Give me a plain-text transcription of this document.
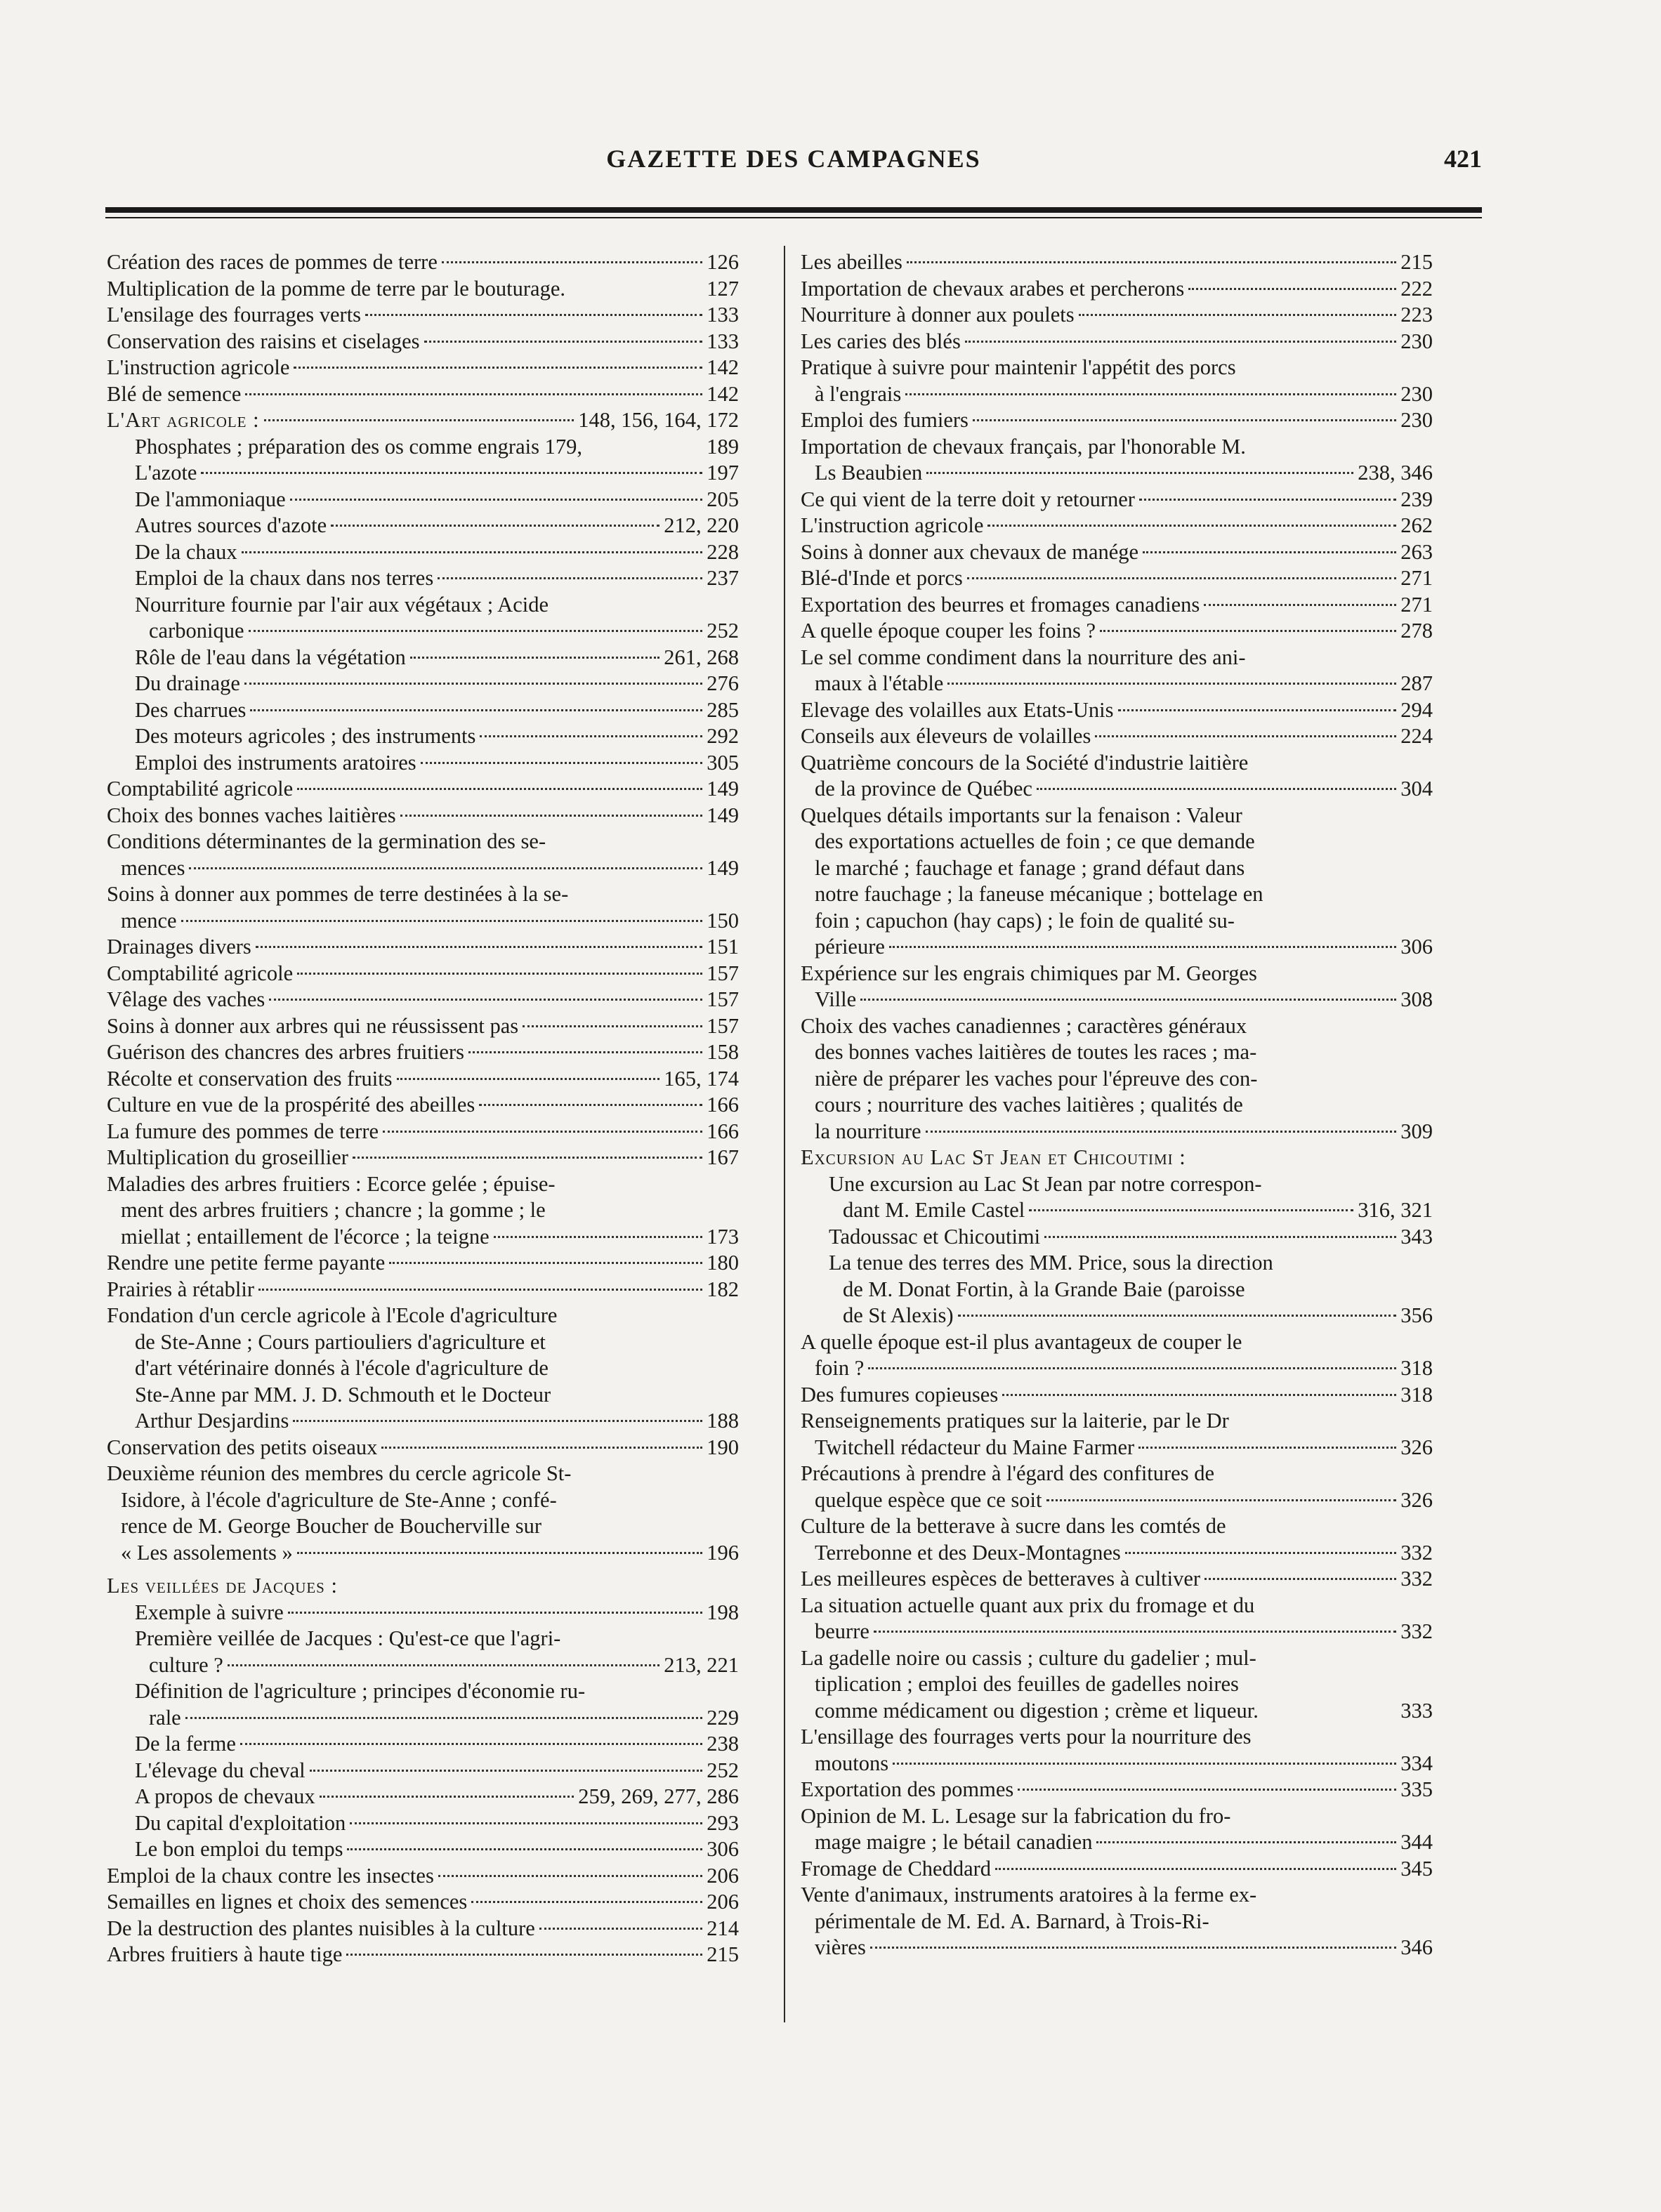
GAZETTE DES CAMPAGNES	421
Création des races de pommes de terre	126
Multiplication de la pomme de terre par le bouturage.	127
L'ensilage des fourrages verts	133
Conservation des raisins et ciselages	133
L'instruction agricole	142
Blé de semence	142
L'Art agricole :	148, 156, 164, 172
Phosphates ; préparation des os comme engrais 179,	189
L'azote	197
De l'ammoniaque	205
Autres sources d'azote	212, 220
De la chaux	228
Emploi de la chaux dans nos terres	237
Nourriture fournie par l'air aux végétaux ; Acide
carbonique	252
Rôle de l'eau dans la végétation	261, 268
Du drainage	276
Des charrues	285
Des moteurs agricoles ; des instruments	292
Emploi des instruments aratoires	305
Comptabilité agricole	149
Choix des bonnes vaches laitières	149
Conditions déterminantes de la germination des se-
mences	149
Soins à donner aux pommes de terre destinées à la se-
mence	150
Drainages divers	151
Comptabilité agricole	157
Vêlage des vaches	157
Soins à donner aux arbres qui ne réussissent pas	157
Guérison des chancres des arbres fruitiers	158
Récolte et conservation des fruits	165, 174
Culture en vue de la prospérité des abeilles	166
La fumure des pommes de terre	166
Multiplication du groseillier	167
Maladies des arbres fruitiers : Ecorce gelée ; épuise-
ment des arbres fruitiers ; chancre ; la gomme ; le
miellat ; entaillement de l'écorce ; la teigne	173
Rendre une petite ferme payante	180
Prairies à rétablir	182
Fondation d'un cercle agricole à l'Ecole d'agriculture
de Ste-Anne ; Cours partiouliers d'agriculture et
d'art vétérinaire donnés à l'école d'agriculture de
Ste-Anne par MM. J. D. Schmouth et le Docteur
Arthur Desjardins	188
Conservation des petits oiseaux	190
Deuxième réunion des membres du cercle agricole St-
Isidore, à l'école d'agriculture de Ste-Anne ; confé-
rence de M. George Boucher de Boucherville sur
« Les assolements »	196
Les veillées de Jacques :
Exemple à suivre	198
Première veillée de Jacques : Qu'est-ce que l'agri-
culture ?	213, 221
Définition de l'agriculture ; principes d'économie ru-
rale	229
De la ferme	238
L'élevage du cheval	252
A propos de chevaux	259, 269, 277, 286
Du capital d'exploitation	293
Le bon emploi du temps	306
Emploi de la chaux contre les insectes	206
Semailles en lignes et choix des semences	206
De la destruction des plantes nuisibles à la culture	214
Arbres fruitiers à haute tige	215
Les abeilles	215
Importation de chevaux arabes et percherons	222
Nourriture à donner aux poulets	223
Les caries des blés	230
Pratique à suivre pour maintenir l'appétit des porcs
à l'engrais	230
Emploi des fumiers	230
Importation de chevaux français, par l'honorable M.
Ls Beaubien	238, 346
Ce qui vient de la terre doit y retourner	239
L'instruction agricole	262
Soins à donner aux chevaux de manége	263
Blé-d'Inde et porcs	271
Exportation des beurres et fromages canadiens	271
A quelle époque couper les foins ?	278
Le sel comme condiment dans la nourriture des ani-
maux à l'étable	287
Elevage des volailles aux Etats-Unis	294
Conseils aux éleveurs de volailles	224
Quatrième concours de la Société d'industrie laitière
de la province de Québec	304
Quelques détails importants sur la fenaison : Valeur
des exportations actuelles de foin ; ce que demande
le marché ; fauchage et fanage ; grand défaut dans
notre fauchage ; la faneuse mécanique ; bottelage en
foin ; capuchon (hay caps) ; le foin de qualité su-
périeure	306
Expérience sur les engrais chimiques par M. Georges
Ville	308
Choix des vaches canadiennes ; caractères généraux
des bonnes vaches laitières de toutes les races ; ma-
nière de préparer les vaches pour l'épreuve des con-
cours ; nourriture des vaches laitières ; qualités de
la nourriture	309
Excursion au Lac St Jean et Chicoutimi :
Une excursion au Lac St Jean par notre correspon-
dant M. Emile Castel	316, 321
Tadoussac et Chicoutimi	343
La tenue des terres des MM. Price, sous la direction
de M. Donat Fortin, à la Grande Baie (paroisse
de St Alexis)	356
A quelle époque est-il plus avantageux de couper le
foin ?	318
Des fumures copieuses	318
Renseignements pratiques sur la laiterie, par le Dr
Twitchell rédacteur du Maine Farmer	326
Précautions à prendre à l'égard des confitures de
quelque espèce que ce soit	326
Culture de la betterave à sucre dans les comtés de
Terrebonne et des Deux-Montagnes	332
Les meilleures espèces de betteraves à cultiver	332
La situation actuelle quant aux prix du fromage et du
beurre	332
La gadelle noire ou cassis ; culture du gadelier ; mul-
tiplication ; emploi des feuilles de gadelles noires
comme médicament ou digestion ; crème et liqueur.	333
L'ensillage des fourrages verts pour la nourriture des
moutons	334
Exportation des pommes	335
Opinion de M. L. Lesage sur la fabrication du fro-
mage maigre ; le bétail canadien	344
Fromage de Cheddard	345
Vente d'animaux, instruments aratoires à la ferme ex-
périmentale de M. Ed. A. Barnard, à Trois-Ri-
vières	346
